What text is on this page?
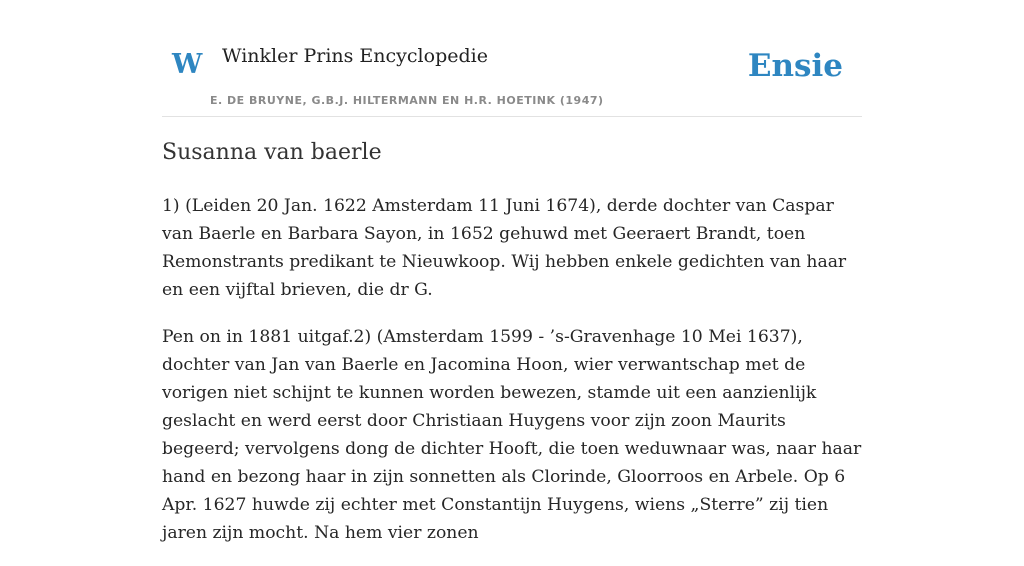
W Winkler Prins Encyclopedie
E. DE BRUYNE, G.B.J. HILTERMANN EN H.R. HOETINK (1947)
Ensie
Susanna van baerle

1) (Leiden 20 Jan. 1622 Amsterdam 11 Juni 1674), derde dochter van Caspar van Baerle en Barbara Sayon, in 1652 gehuwd met Geeraert Brandt, toen Remonstrants predikant te Nieuwkoop. Wij hebben enkele gedichten van haar en een vijftal brieven, die dr G.

Pen on in 1881 uitgaf.2) (Amsterdam 1599 - ’s-Gravenhage 10 Mei 1637), dochter van Jan van Baerle en Jacomina Hoon, wier verwantschap met de vorigen niet schijnt te kunnen worden bewezen, stamde uit een aanzienlijk geslacht en werd eerst door Christiaan Huygens voor zijn zoon Maurits begeerd; vervolgens dong de dichter Hooft, die toen weduwnaar was, naar haar hand en bezong haar in zijn sonnetten als Clorinde, Gloorroos en Arbele. Op 6 Apr. 1627 huwde zij echter met Constantijn Huygens, wiens „Sterre” zij tien jaren zijn mocht. Na hem vier zonen
